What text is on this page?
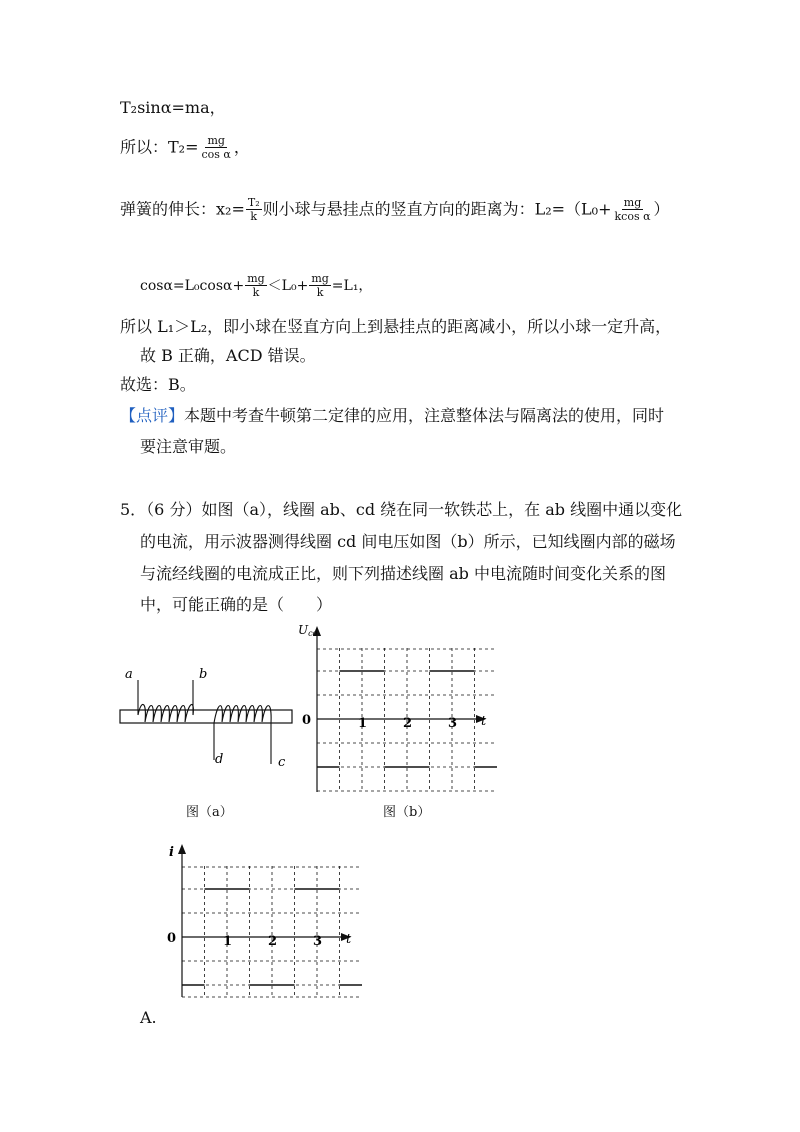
T₂sinα=ma，
所以：$T_2= \frac{mg}{\text{cos α}}$ ，
弹簧的伸长：$x_2= \frac{\text{T₂}}{k}$ 则小球与悬挂点的竖直方向的距离为：$L_2=(L_0+ \frac{mg}{\text{kcos α}}$ ）
$\cos\alpha=L_0\cos\alpha+ \frac{mg}{k} <L_0+ \frac{mg}{k} =L_1$，
所以 L₁＞L₂，即小球在竖直方向上到悬挂点的距离减小，所以小球一定升高，
故 B 正确，ACD 错误。
故选：B。
【点评】本题中考查牛顿第二定律的应用，注意整体法与隔离法的使用，同时
要注意审题。
5．（6 分）如图（a），线圈 ab、cd 绕在同一软铁芯上，在 ab 线圈中通以变化
的电流，用示波器测得线圈 cd 间电压如图（b）所示，已知线圈内部的磁场
与流经线圈的电流成正比，则下列描述线圈 ab 中电流随时间变化关系的图
中，可能正确的是（　　）
a	b
d	c
图（a）
Ucd
t
0	1	2	3
图（b）
i
t
0	1	2	3
A.
